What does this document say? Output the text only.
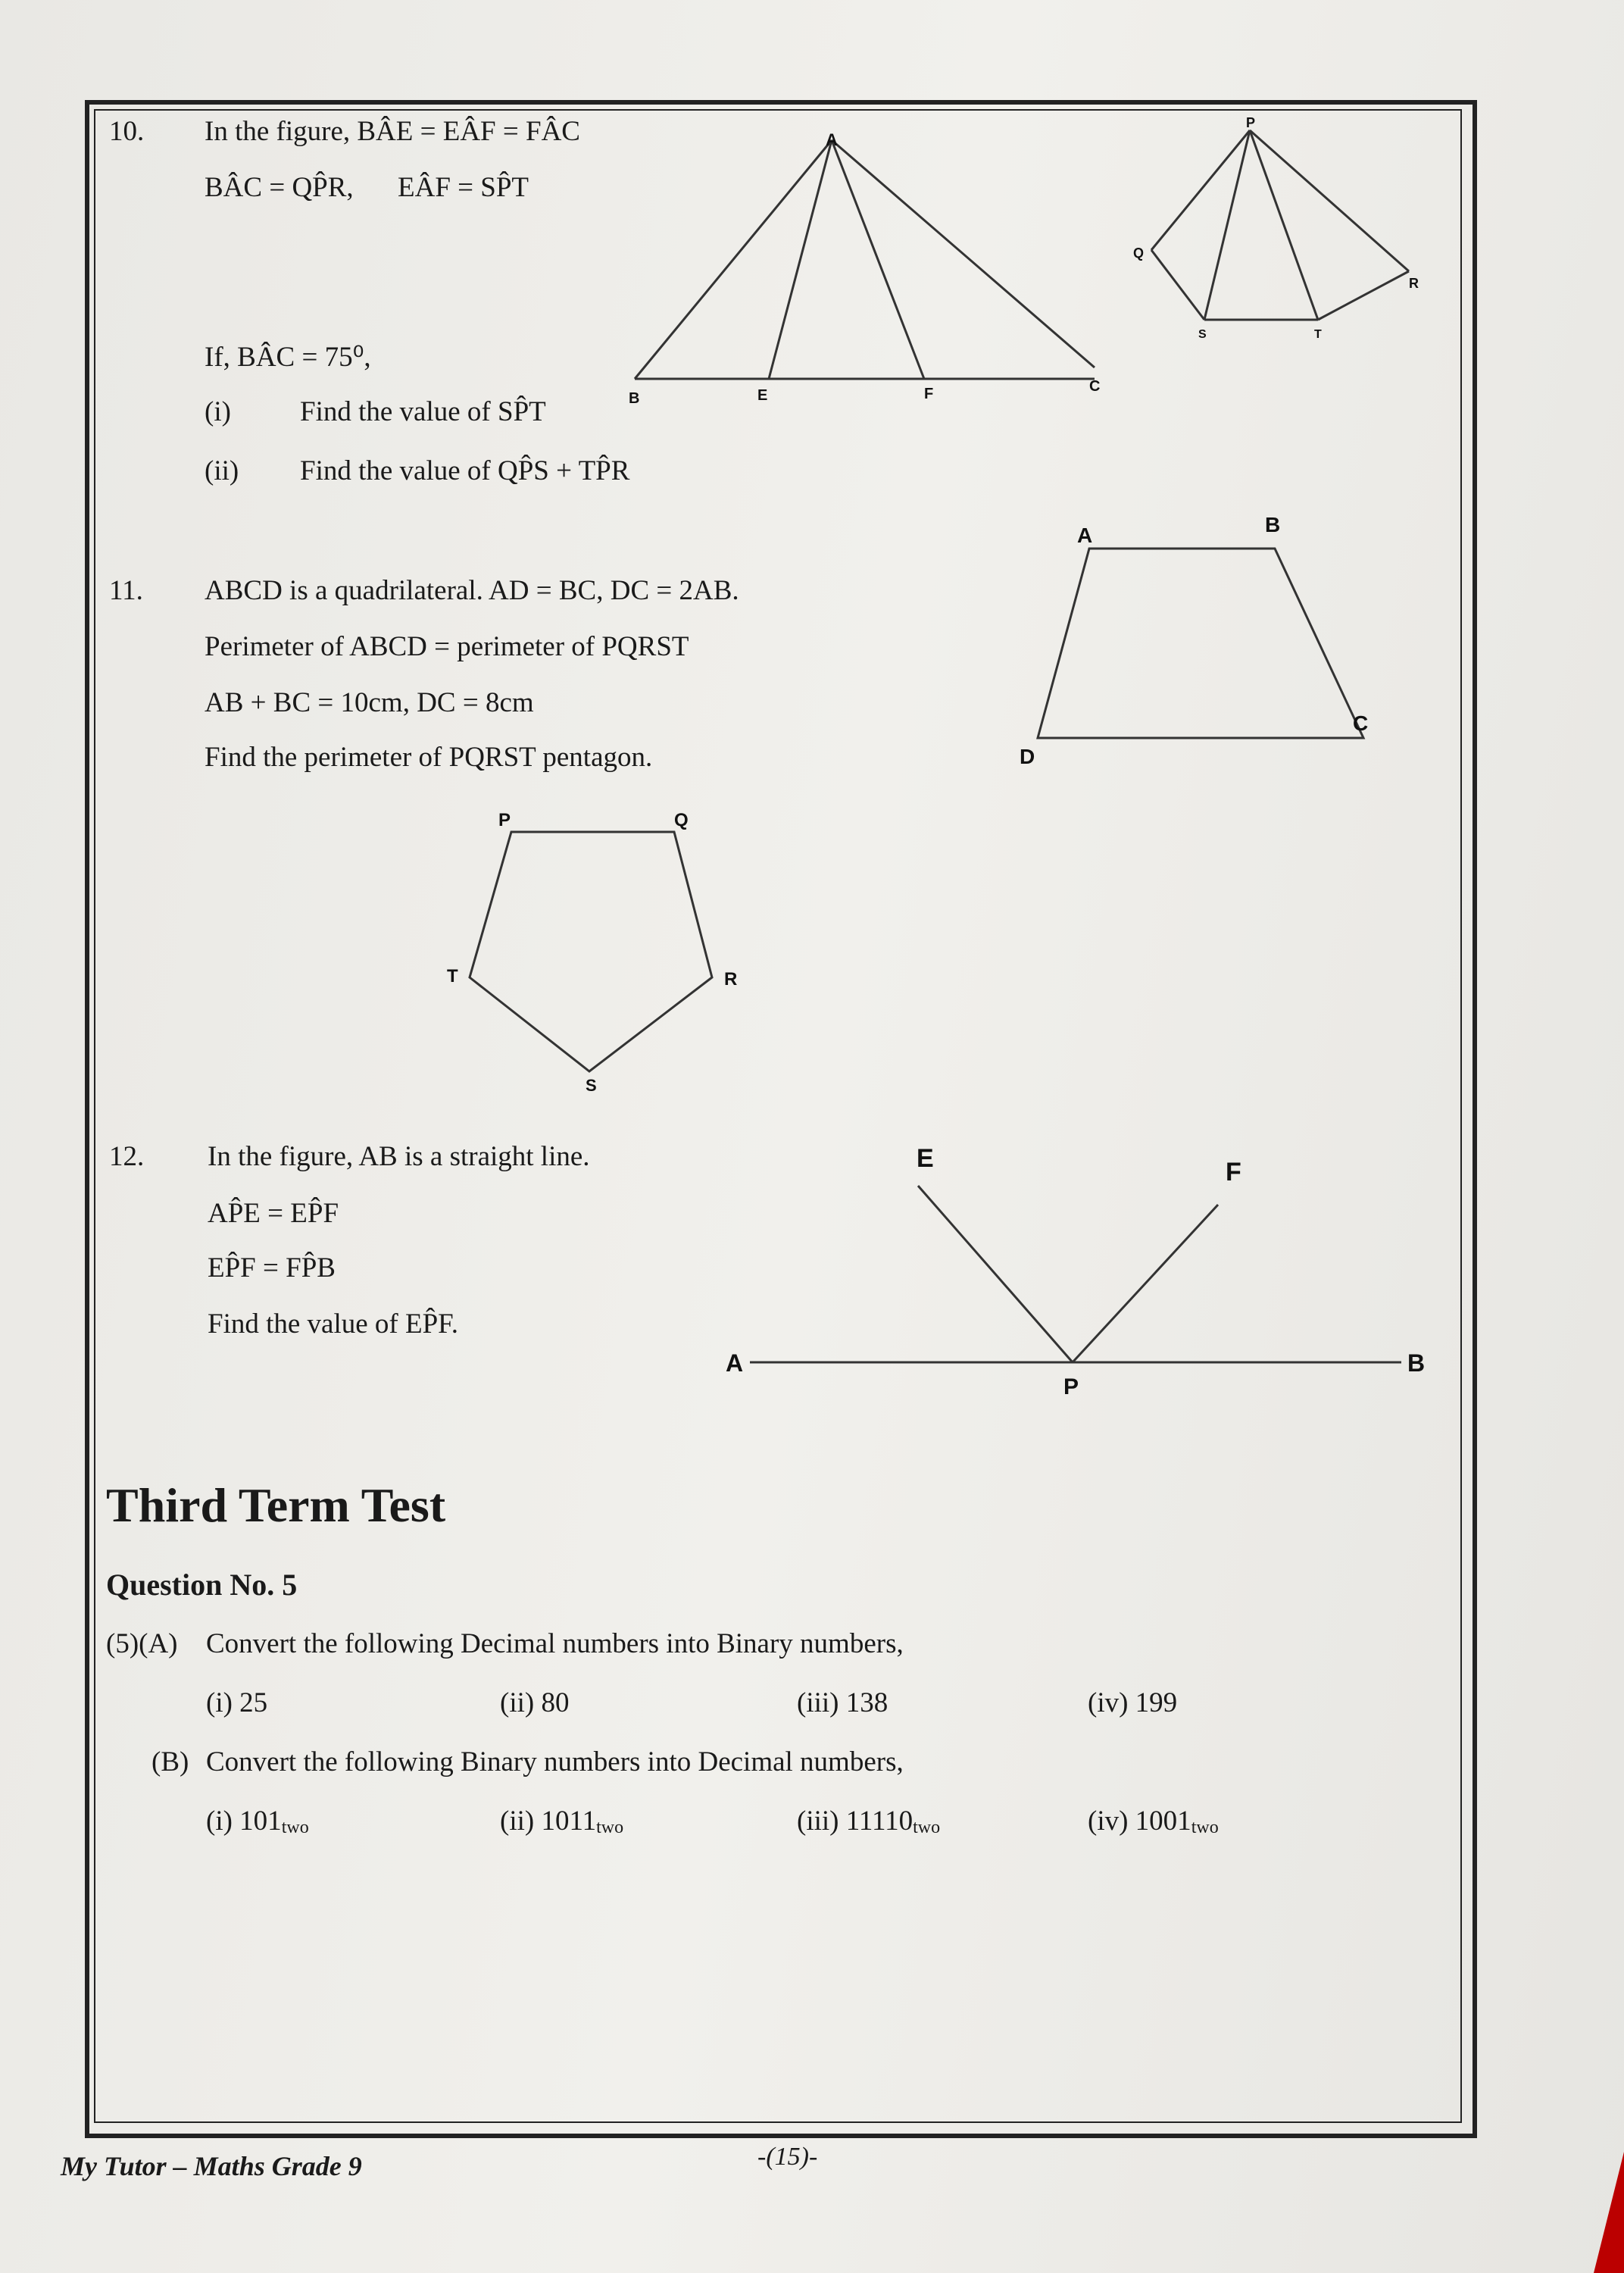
10. In the figure, BÂE = EÂF = FÂC
BÂC = QP̂R, EÂF = SP̂T
If, BÂC = 75⁰,
(i) Find the value of SP̂T
(ii) Find the value of QP̂S + TP̂R
A
B	E	F	C
P
Q
R
S	T
11. ABCD is a quadrilateral. AD = BC, DC = 2AB.
Perimeter of ABCD = perimeter of PQRST
AB + BC = 10cm, DC = 8cm
Find the perimeter of PQRST pentagon.
A	B
C
D
P	Q
R
S
T
12. In the figure, AB is a straight line.
AP̂E = EP̂F
EP̂F = FP̂B
Find the value of EP̂F.
E	F
A	B
P
Third Term Test
Question No. 5
(5)(A) Convert the following Decimal numbers into Binary numbers,
(i) 25	(ii) 80	(iii) 138	(iv) 199
(B) Convert the following Binary numbers into Decimal numbers,
(i) $101_{two}$	(ii) $1011_{two}$	(iii) $11110_{two}$	(iv) $1001_{two}$
My Tutor – Maths Grade 9	-(15)-
